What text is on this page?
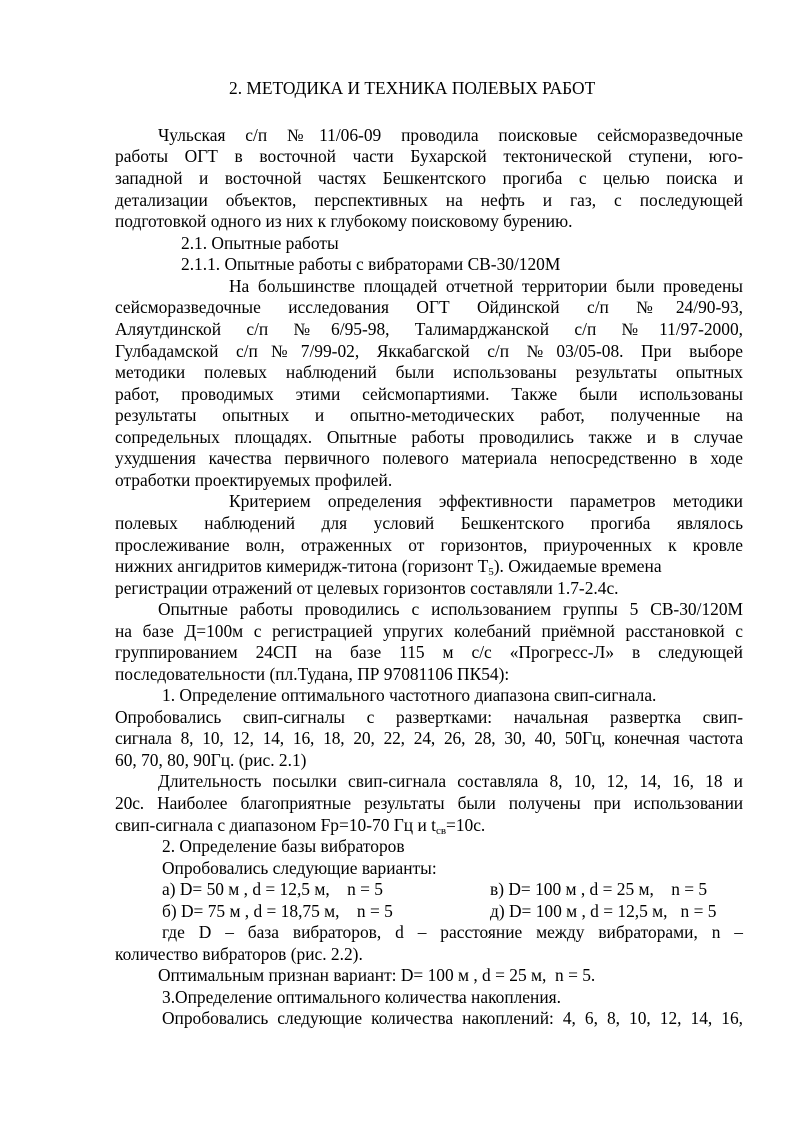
2. МЕТОДИКА И ТЕХНИКА ПОЛЕВЫХ РАБОТ

Чульская с/п №11/06-09 проводила поисковые сейсморазведочные

работы ОГТ в восточной части Бухарской тектонической ступени, юго-

западной и восточной частях Бешкентского прогиба с целью поиска и

детализации объектов, перспективных на нефть и газ, с последующей

подготовкой одного из них к глубокому поисковому бурению.

2.1. Опытные работы

2.1.1. Опытные работы с вибраторами СВ-30/120М

На большинстве площадей отчетной территории были проведены

сейсморазведочные исследования ОГТ Ойдинской с/п №24/90-93,

Аляутдинской с/п №6/95-98, Талимарджанской с/п №11/97-2000,

Гулбадамской с/п№7/99-02, Яккабагской с/п №03/05-08. При выборе

методики полевых наблюдений были использованы результаты опытных

работ, проводимых этими сейсмопартиями. Также были использованы

результаты опытных и опытно-методических работ, полученные на

сопредельных площадях. Опытные работы проводились также и в случае

ухудшения качества первичного полевого материала непосредственно в ходе

отработки проектируемых профилей.

Критерием определения эффективности параметров методики

полевых наблюдений для условий Бешкентского прогиба являлось

прослеживание волн, отраженных от горизонтов, приуроченных к кровле

нижних ангидритов кимеридж-титона (горизонт $T_5$). Ожидаемые времена

регистрации отражений от целевых горизонтов составляли 1.7-2.4с.

Опытные работы проводились с использованием группы 5 СВ-30/120М

на базе Д=100м с регистрацией упругих колебаний приёмной расстановкой с

группированием 24СП на базе 115 м с/с «Прогресс-Л» в следующей

последовательности (пл.Тудана, ПР 97081106 ПК54):

1. Определение оптимального частотного диапазона свип-сигнала.

Опробовались свип-сигналы с развертками: начальная развертка свип-

сигнала 8, 10, 12, 14, 16, 18, 20, 22, 24, 26, 28, 30, 40, 50Гц, конечная частота

60, 70, 80, 90Гц. (рис. 2.1)

Длительность посылки свип-сигнала составляла 8, 10, 12, 14, 16, 18 и

20с. Наиболее благоприятные результаты были получены при использовании

свип-сигнала с диапазоном Fр=10-70 Гц и $t_{св}=10с$.

2. Определение базы вибраторов

Опробовались следующие варианты:

а) D= 50 м , d = 12,5 м,    n = 5	в) D= 100 м , d = 25 м,    n = 5

б) D= 75 м , d = 18,75 м,    n = 5	д) D= 100 м , d = 12,5 м,   n = 5

где D – база вибраторов, d – расстояние между вибраторами, n –

количество вибраторов (рис. 2.2).

Оптимальным признан вариант: D= 100 м , d = 25 м,  n = 5.

3.Определение оптимального количества накопления.

Опробовались следующие количества накоплений: 4, 6, 8, 10, 12, 14, 16,
